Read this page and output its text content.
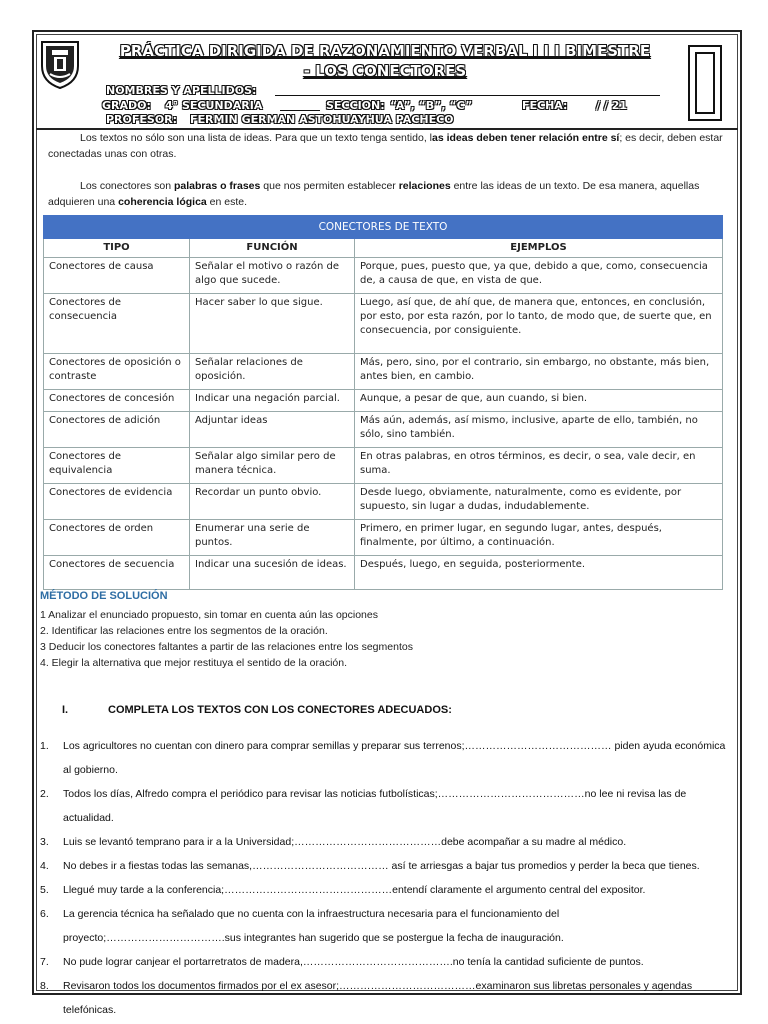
PRÁCTICA DIRIGIDA DE RAZONAMIENTO VERBAL I I I BIMESTRE
- LOS CONECTORES
NOMBRES Y APELLIDOS:
GRADO: 4° SECUNDARIA	SECCION: “A”, “B”, “C”	FECHA:	/ / 21
PROFESOR: FERMIN GERMAN ASTOHUAYHUA PACHECO
Los textos no sólo son una lista de ideas. Para que un texto tenga sentido, las ideas deben tener relación entre sí; es decir, deben estar conectadas unas con otras.
Los conectores son palabras o frases que nos permiten establecer relaciones entre las ideas de un texto. De esa manera, aquellas adquieren una coherencia lógica en este.
CONECTORES DE TEXTO		
TIPO	FUNCIÓN	EJEMPLOS
Conectores de causa	Señalar el motivo o razón de algo que sucede.	Porque, pues, puesto que, ya que, debido a que, como, consecuencia de, a causa de que, en vista de que.
Conectores de consecuencia	Hacer saber lo que sigue.	Luego, así que, de ahí que, de manera que, entonces, en conclusión, por esto, por esta razón, por lo tanto, de modo que, de suerte que, en consecuencia, por consiguiente.
Conectores de oposición o contraste	Señalar relaciones de oposición.	Más, pero, sino, por el contrario, sin embargo, no obstante, más bien, antes bien, en cambio.
Conectores de concesión	Indicar una negación parcial.	Aunque, a pesar de que, aun cuando, si bien.
Conectores de adición	Adjuntar ideas	Más aún, además, así mismo, inclusive, aparte de ello, también, no sólo, sino también.
Conectores de equivalencia	Señalar algo similar pero de manera técnica.	En otras palabras, en otros términos, es decir, o sea, vale decir, en suma.
Conectores de evidencia	Recordar un punto obvio.	Desde luego, obviamente, naturalmente, como es evidente, por supuesto, sin lugar a dudas, indudablemente.
Conectores de orden	Enumerar una serie de puntos.	Primero, en primer lugar, en segundo lugar, antes, después, finalmente, por último, a continuación.
Conectores de secuencia	Indicar una sucesión de ideas.	Después, luego, en seguida, posteriormente.
MÉTODO DE SOLUCIÓN
1 Analizar el enunciado propuesto, sin tomar en cuenta aún las opciones
2. Identificar las relaciones entre los segmentos de la oración.
3 Deducir los conectores faltantes a partir de las relaciones entre los segmentos
4. Elegir la alternativa que mejor restituya el sentido de la oración.
I.	COMPLETA LOS TEXTOS CON LOS CONECTORES ADECUADOS:
1. Los agricultores no cuentan con dinero para comprar semillas y preparar sus terrenos;…………………………………… piden ayuda económica al gobierno.
2. Todos los días, Alfredo compra el periódico para revisar las noticias futbolísticas;……………………………………no lee ni revisa las de actualidad.
3. Luis se levantó temprano para ir a la Universidad;……………………………………debe acompañar a su madre al médico.
4. No debes ir a fiestas todas las semanas,………………………………… así te arriesgas a bajar tus promedios y perder la beca que tienes.
5. Llegué muy tarde a la conferencia;…………………………………………entendí claramente el argumento central del expositor.
6. La gerencia técnica ha señalado que no cuenta con la infraestructura necesaria para el funcionamiento del proyecto;…………………………….sus integrantes han sugerido que se postergue la fecha de inauguración.
7. No pude lograr canjear el portarretratos de madera,…………………………………….no tenía la cantidad suficiente de puntos.
8. Revisaron todos los documentos firmados por el ex asesor;…………………………………examinaron sus libretas personales y agendas telefónicas.
